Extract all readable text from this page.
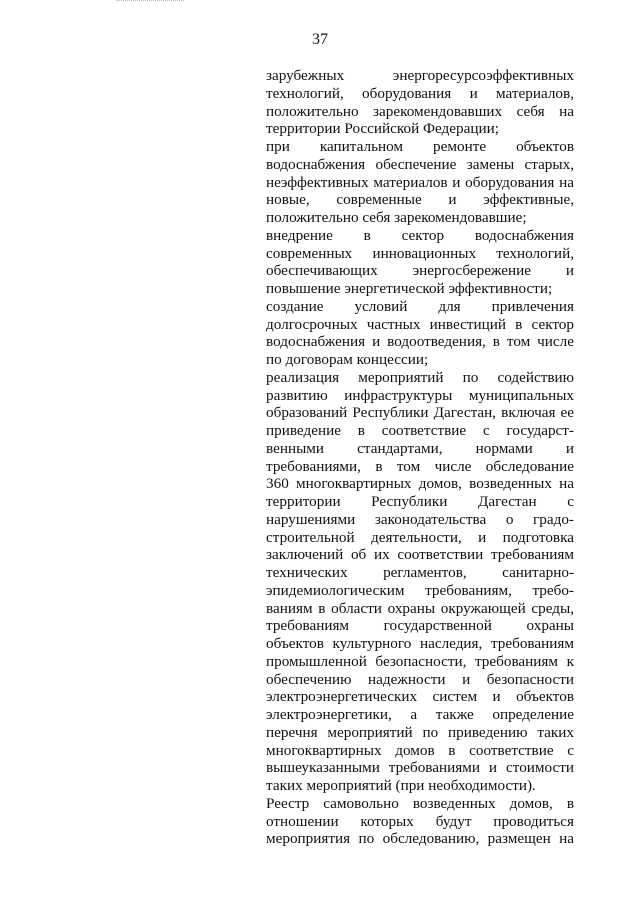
37
зарубежных энергоресурсоэффективных
технологий, оборудования и материалов,
положительно зарекомендовавших себя на
территории Российской Федерации;
при капитальном ремонте объектов
водоснабжения обеспечение замены старых,
неэффективных материалов и оборудования на
новые, современные и эффективные,
положительно себя зарекомендовавшие;
внедрение в сектор водоснабжения
современных инновационных технологий,
обеспечивающих энергосбережение и
повышение энергетической эффективности;
создание условий для привлечения
долгосрочных частных инвестиций в сектор
водоснабжения и водоотведения, в том числе
по договорам концессии;
реализация мероприятий по содействию
развитию инфраструктуры муниципальных
образований Республики Дагестан, включая ее
приведение в соответствие с государст-
венными стандартами, нормами и
требованиями, в том числе обследование
360 многоквартирных домов, возведенных на
территории Республики Дагестан с
нарушениями законодательства о градо-
строительной деятельности, и подготовка
заключений об их соответствии требованиям
технических регламентов, санитарно-
эпидемиологическим требованиям, требо-
ваниям в области охраны окружающей среды,
требованиям государственной охраны
объектов культурного наследия, требованиям
промышленной безопасности, требованиям к
обеспечению надежности и безопасности
электроэнергетических систем и объектов
электроэнергетики, а также определение
перечня мероприятий по приведению таких
многоквартирных домов в соответствие с
вышеуказанными требованиями и стоимости
таких мероприятий (при необходимости).
Реестр самовольно возведенных домов, в
отношении которых будут проводиться
мероприятия по обследованию, размещен на
